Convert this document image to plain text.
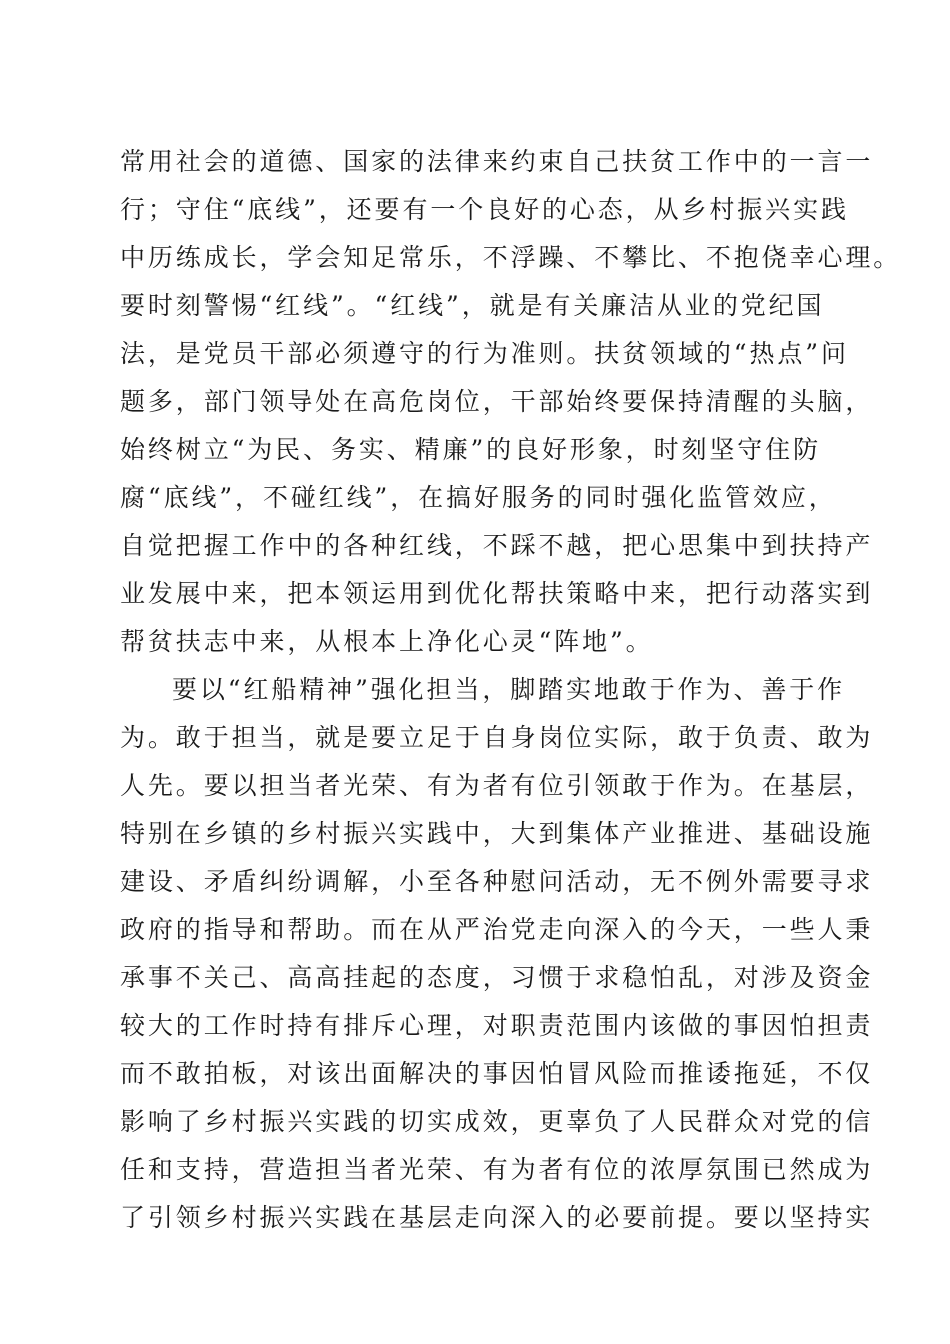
常用社会的道德、国家的法律来约束自己扶贫工作中的一言一
行；守住“底线”，还要有一个良好的心态，从乡村振兴实践
中历练成长，学会知足常乐，不浮躁、不攀比、不抱侥幸心理。
要时刻警惕“红线”。“红线”，就是有关廉洁从业的党纪国
法，是党员干部必须遵守的行为准则。扶贫领域的“热点”问
题多，部门领导处在高危岗位，干部始终要保持清醒的头脑，
始终树立“为民、务实、精廉”的良好形象，时刻坚守住防
腐“底线”，不碰红线”，在搞好服务的同时强化监管效应，
自觉把握工作中的各种红线，不踩不越，把心思集中到扶持产
业发展中来，把本领运用到优化帮扶策略中来，把行动落实到
帮贫扶志中来，从根本上净化心灵“阵地”。
要以“红船精神”强化担当，脚踏实地敢于作为、善于作
为。敢于担当，就是要立足于自身岗位实际，敢于负责、敢为
人先。要以担当者光荣、有为者有位引领敢于作为。在基层，
特别在乡镇的乡村振兴实践中，大到集体产业推进、基础设施
建设、矛盾纠纷调解，小至各种慰问活动，无不例外需要寻求
政府的指导和帮助。而在从严治党走向深入的今天，一些人秉
承事不关己、高高挂起的态度，习惯于求稳怕乱，对涉及资金
较大的工作时持有排斥心理，对职责范围内该做的事因怕担责
而不敢拍板，对该出面解决的事因怕冒风险而推诿拖延，不仅
影响了乡村振兴实践的切实成效，更辜负了人民群众对党的信
任和支持，营造担当者光荣、有为者有位的浓厚氛围已然成为
了引领乡村振兴实践在基层走向深入的必要前提。要以坚持实
